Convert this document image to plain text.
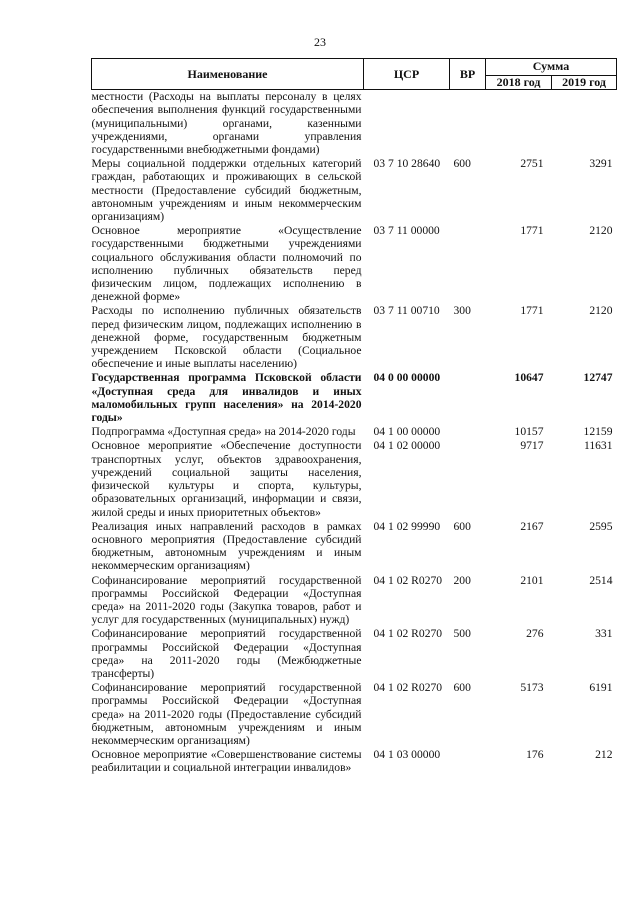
23
Наименование	ЦСР	ВР	Сумма	
			2018 год	2019 год
местности (Расходы на выплаты персоналу в целях обеспечения выполнения функций государственными (муниципальными) органами, казенными учреждениями, органами управления государственными внебюджетными фондами)				
Меры социальной поддержки отдельных категорий граждан, работающих и проживающих в сельской местности (Предоставление субсидий бюджетным, автономным учреждениям и иным некоммерческим организациям)	03 7 10 28640	600	2751	3291
Основное мероприятие «Осуществление государственными бюджетными учреждениями социального обслуживания области полномочий по исполнению публичных обязательств перед физическим лицом, подлежащих исполнению в денежной форме»	03 7 11 00000		1771	2120
Расходы по исполнению публичных обязательств перед физическим лицом, подлежащих исполнению в денежной форме, государственным бюджетным учреждением Псковской области (Социальное обеспечение и иные выплаты населению)	03 7 11 00710	300	1771	2120
Государственная программа Псковской области «Доступная среда для инвалидов и иных маломобильных групп населения» на 2014-2020 годы»	04 0 00 00000		10647	12747
Подпрограмма «Доступная среда» на 2014-2020 годы	04 1 00 00000		10157	12159
Основное мероприятие «Обеспечение доступности транспортных услуг, объектов здравоохранения, учреждений социальной защиты населения, физической культуры и спорта, культуры, образовательных организаций, информации и связи, жилой среды и иных приоритетных объектов»	04 1 02 00000		9717	11631
Реализация иных направлений расходов в рамках основного мероприятия (Предоставление субсидий бюджетным, автономным учреждениям и иным некоммерческим организациям)	04 1 02 99990	600	2167	2595
Софинансирование мероприятий государственной программы Российской Федерации «Доступная среда» на 2011-2020 годы (Закупка товаров, работ и услуг для государственных (муниципальных) нужд)	04 1 02 R0270	200	2101	2514
Софинансирование мероприятий государственной программы Российской Федерации «Доступная среда» на 2011-2020 годы (Межбюджетные трансферты)	04 1 02 R0270	500	276	331
Софинансирование мероприятий государственной программы Российской Федерации «Доступная среда» на 2011-2020 годы (Предоставление субсидий бюджетным, автономным учреждениям и иным некоммерческим организациям)	04 1 02 R0270	600	5173	6191
Основное мероприятие «Совершенствование системы реабилитации и социальной интеграции инвалидов»	04 1 03 00000		176	212
